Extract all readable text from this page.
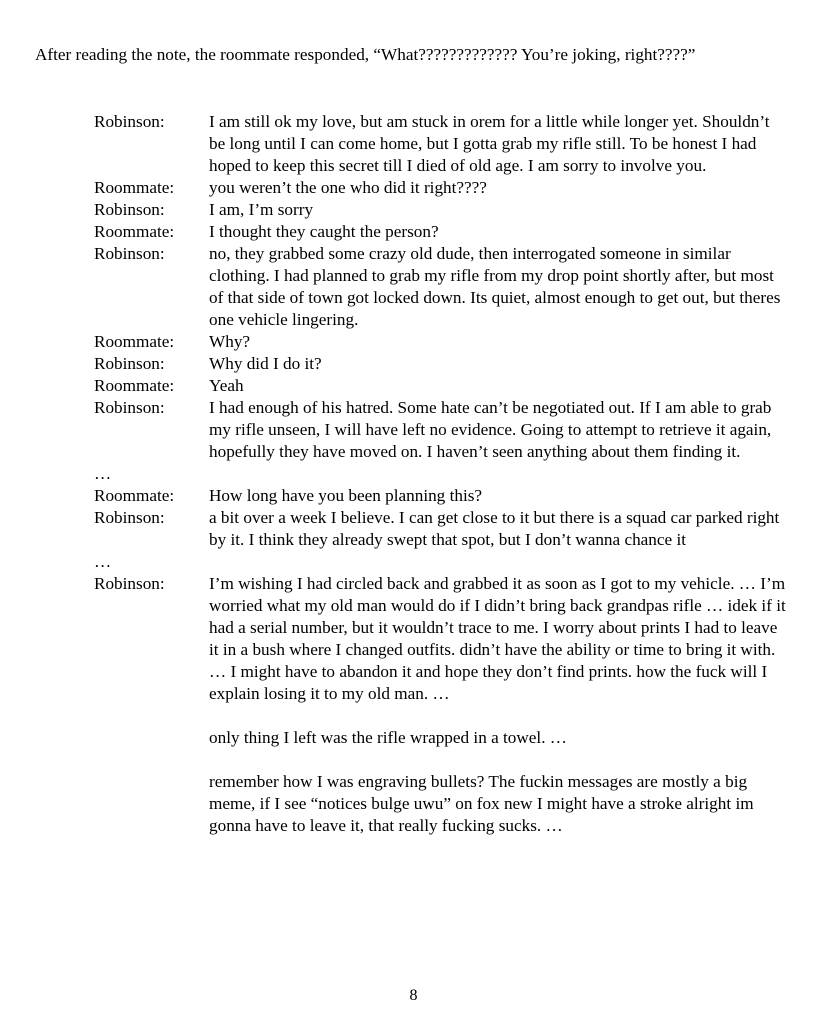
After reading the note, the roommate responded, “What????????????? You’re joking, right????”
Robinson:	I am still ok my love, but am stuck in orem for a little while longer yet. Shouldn’t be long until I can come home, but I gotta grab my rifle still. To be honest I had hoped to keep this secret till I died of old age. I am sorry to involve you.
Roommate:	you weren’t the one who did it right????
Robinson:	I am, I’m sorry
Roommate:	I thought they caught the person?
Robinson:	no, they grabbed some crazy old dude, then interrogated someone in similar clothing. I had planned to grab my rifle from my drop point shortly after, but most of that side of town got locked down. Its quiet, almost enough to get out, but theres one vehicle lingering.
Roommate:	Why?
Robinson:	Why did I do it?
Roommate:	Yeah
Robinson:	I had enough of his hatred. Some hate can’t be negotiated out. If I am able to grab my rifle unseen, I will have left no evidence. Going to attempt to retrieve it again, hopefully they have moved on. I haven’t seen anything about them finding it.
…
Roommate:	How long have you been planning this?
Robinson:	a bit over a week I believe. I can get close to it but there is a squad car parked right by it. I think they already swept that spot, but I don’t wanna chance it
…
Robinson:	I’m wishing I had circled back and grabbed it as soon as I got to my vehicle. … I’m worried what my old man would do if I didn’t bring back grandpas rifle … idek if it had a serial number, but it wouldn’t trace to me. I worry about prints I had to leave it in a bush where I changed outfits. didn’t have the ability or time to bring it with. … I might have to abandon it and hope they don’t find prints. how the fuck will I explain losing it to my old man. …
only thing I left was the rifle wrapped in a towel. …
remember how I was engraving bullets? The fuckin messages are mostly a big meme, if I see “notices bulge uwu” on fox new I might have a stroke alright im gonna have to leave it, that really fucking sucks. …
8
